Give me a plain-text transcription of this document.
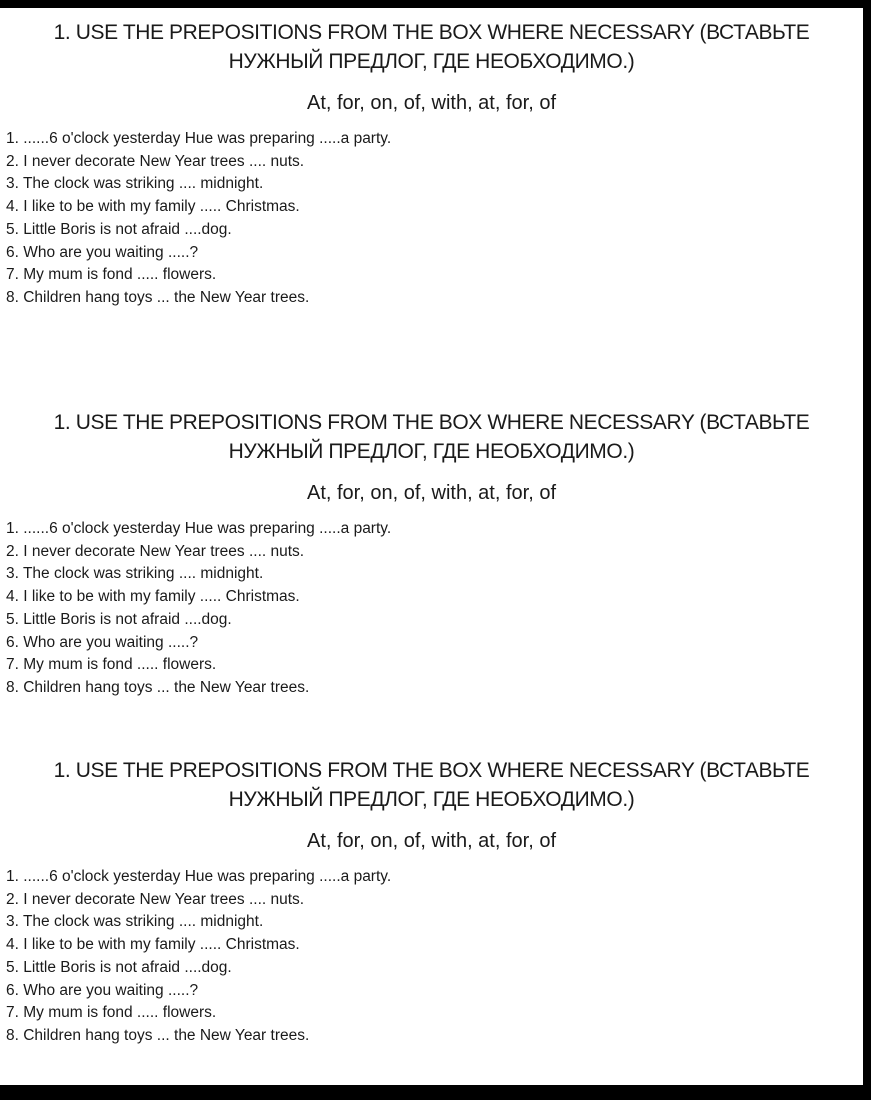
1. USE THE PREPOSITIONS FROM THE BOX WHERE NECESSARY (ВСТАВЬТЕ НУЖНЫЙ ПРЕДЛОГ, ГДЕ НЕОБХОДИМО.)
At, for, on, of, with, at, for, of
1. ......6 o'clock yesterday Hue was preparing .....a party.
2. I never decorate New Year trees .... nuts.
3. The clock was striking .... midnight.
4. I like to be with my family ..... Christmas.
5. Little Boris is not afraid ....dog.
6. Who are you waiting .....?
7. My mum is fond ..... flowers.
8. Children hang toys ... the New Year trees.
1. USE THE PREPOSITIONS FROM THE BOX WHERE NECESSARY (ВСТАВЬТЕ НУЖНЫЙ ПРЕДЛОГ, ГДЕ НЕОБХОДИМО.)
At, for, on, of, with, at, for, of
1. ......6 o'clock yesterday Hue was preparing .....a party.
2. I never decorate New Year trees .... nuts.
3. The clock was striking .... midnight.
4. I like to be with my family ..... Christmas.
5. Little Boris is not afraid ....dog.
6. Who are you waiting .....?
7. My mum is fond ..... flowers.
8. Children hang toys ... the New Year trees.
1. USE THE PREPOSITIONS FROM THE BOX WHERE NECESSARY (ВСТАВЬТЕ НУЖНЫЙ ПРЕДЛОГ, ГДЕ НЕОБХОДИМО.)
At, for, on, of, with, at, for, of
1. ......6 o'clock yesterday Hue was preparing .....a party.
2. I never decorate New Year trees .... nuts.
3. The clock was striking .... midnight.
4. I like to be with my family ..... Christmas.
5. Little Boris is not afraid ....dog.
6. Who are you waiting .....?
7. My mum is fond ..... flowers.
8. Children hang toys ... the New Year trees.
